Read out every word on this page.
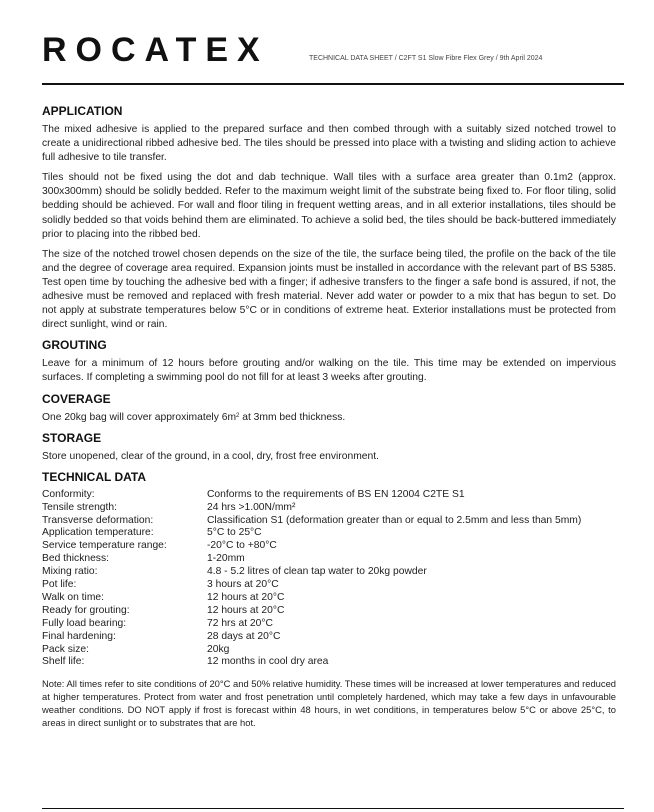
ROCATEX	TECHNICAL DATA SHEET / C2FT S1 Slow Fibre Flex Grey / 9th April 2024
APPLICATION

The mixed adhesive is applied to the prepared surface and then combed through with a suitably sized notched trowel to create a unidirectional ribbed adhesive bed. The tiles should be pressed into place with a twisting and sliding action to achieve full adhesive to tile transfer.

Tiles should not be fixed using the dot and dab technique. Wall tiles with a surface area greater than 0.1m2 (approx. 300x300mm) should be solidly bedded. Refer to the maximum weight limit of the substrate being fixed to. For floor tiling, solid bedding should be achieved. For wall and floor tiling in frequent wetting areas, and in all exterior installations, tiles should be solidly bedded so that voids behind them are eliminated. To achieve a solid bed, the tiles should be back-buttered immediately prior to placing into the ribbed bed.

The size of the notched trowel chosen depends on the size of the tile, the surface being tiled, the profile on the back of the tile and the degree of coverage area required. Expansion joints must be installed in accordance with the relevant part of BS 5385. Test open time by touching the adhesive bed with a finger; if adhesive transfers to the finger a safe bond is assured, if not, the adhesive must be removed and replaced with fresh material. Never add water or powder to a mix that has begun to set. Do not apply at substrate temperatures below 5°C or in conditions of extreme heat. Exterior installations must be protected from direct sunlight, wind or rain.

GROUTING

Leave for a minimum of 12 hours before grouting and/or walking on the tile. This time may be extended on impervious surfaces. If completing a swimming pool do not fill for at least 3 weeks after grouting.

COVERAGE

One 20kg bag will cover approximately $6m^2$ at 3mm bed thickness.

STORAGE

Store unopened, clear of the ground, in a cool, dry, frost free environment.

TECHNICAL DATA
Conformity:	Conforms to the requirements of BS EN 12004 C2TE S1
Tensile strength:	24 hrs >1.00N/mm²
Transverse deformation:	Classification S1 (deformation greater than or equal to 2.5mm and less than 5mm)
Application temperature:	5°C to 25°C
Service temperature range:	-20°C to +80°C
Bed thickness:	1-20mm
Mixing ratio:	4.8 - 5.2 litres of clean tap water to 20kg powder
Pot life:	3 hours at 20°C
Walk on time:	12 hours at 20°C
Ready for grouting:	12 hours at 20°C
Fully load bearing:	72 hrs at 20°C
Final hardening:	28 days at 20°C
Pack size:	20kg
Shelf life:	12 months in cool dry area

Note: All times refer to site conditions of 20°C and 50% relative humidity. These times will be increased at lower temperatures and reduced at higher temperatures. Protect from water and frost penetration until completely hardened, which may take a few days in unfavourable weather conditions. DO NOT apply if frost is forecast within 48 hours, in wet conditions, in temperatures below 5°C or above 25°C, to areas in direct sunlight or to substrates that are hot.
